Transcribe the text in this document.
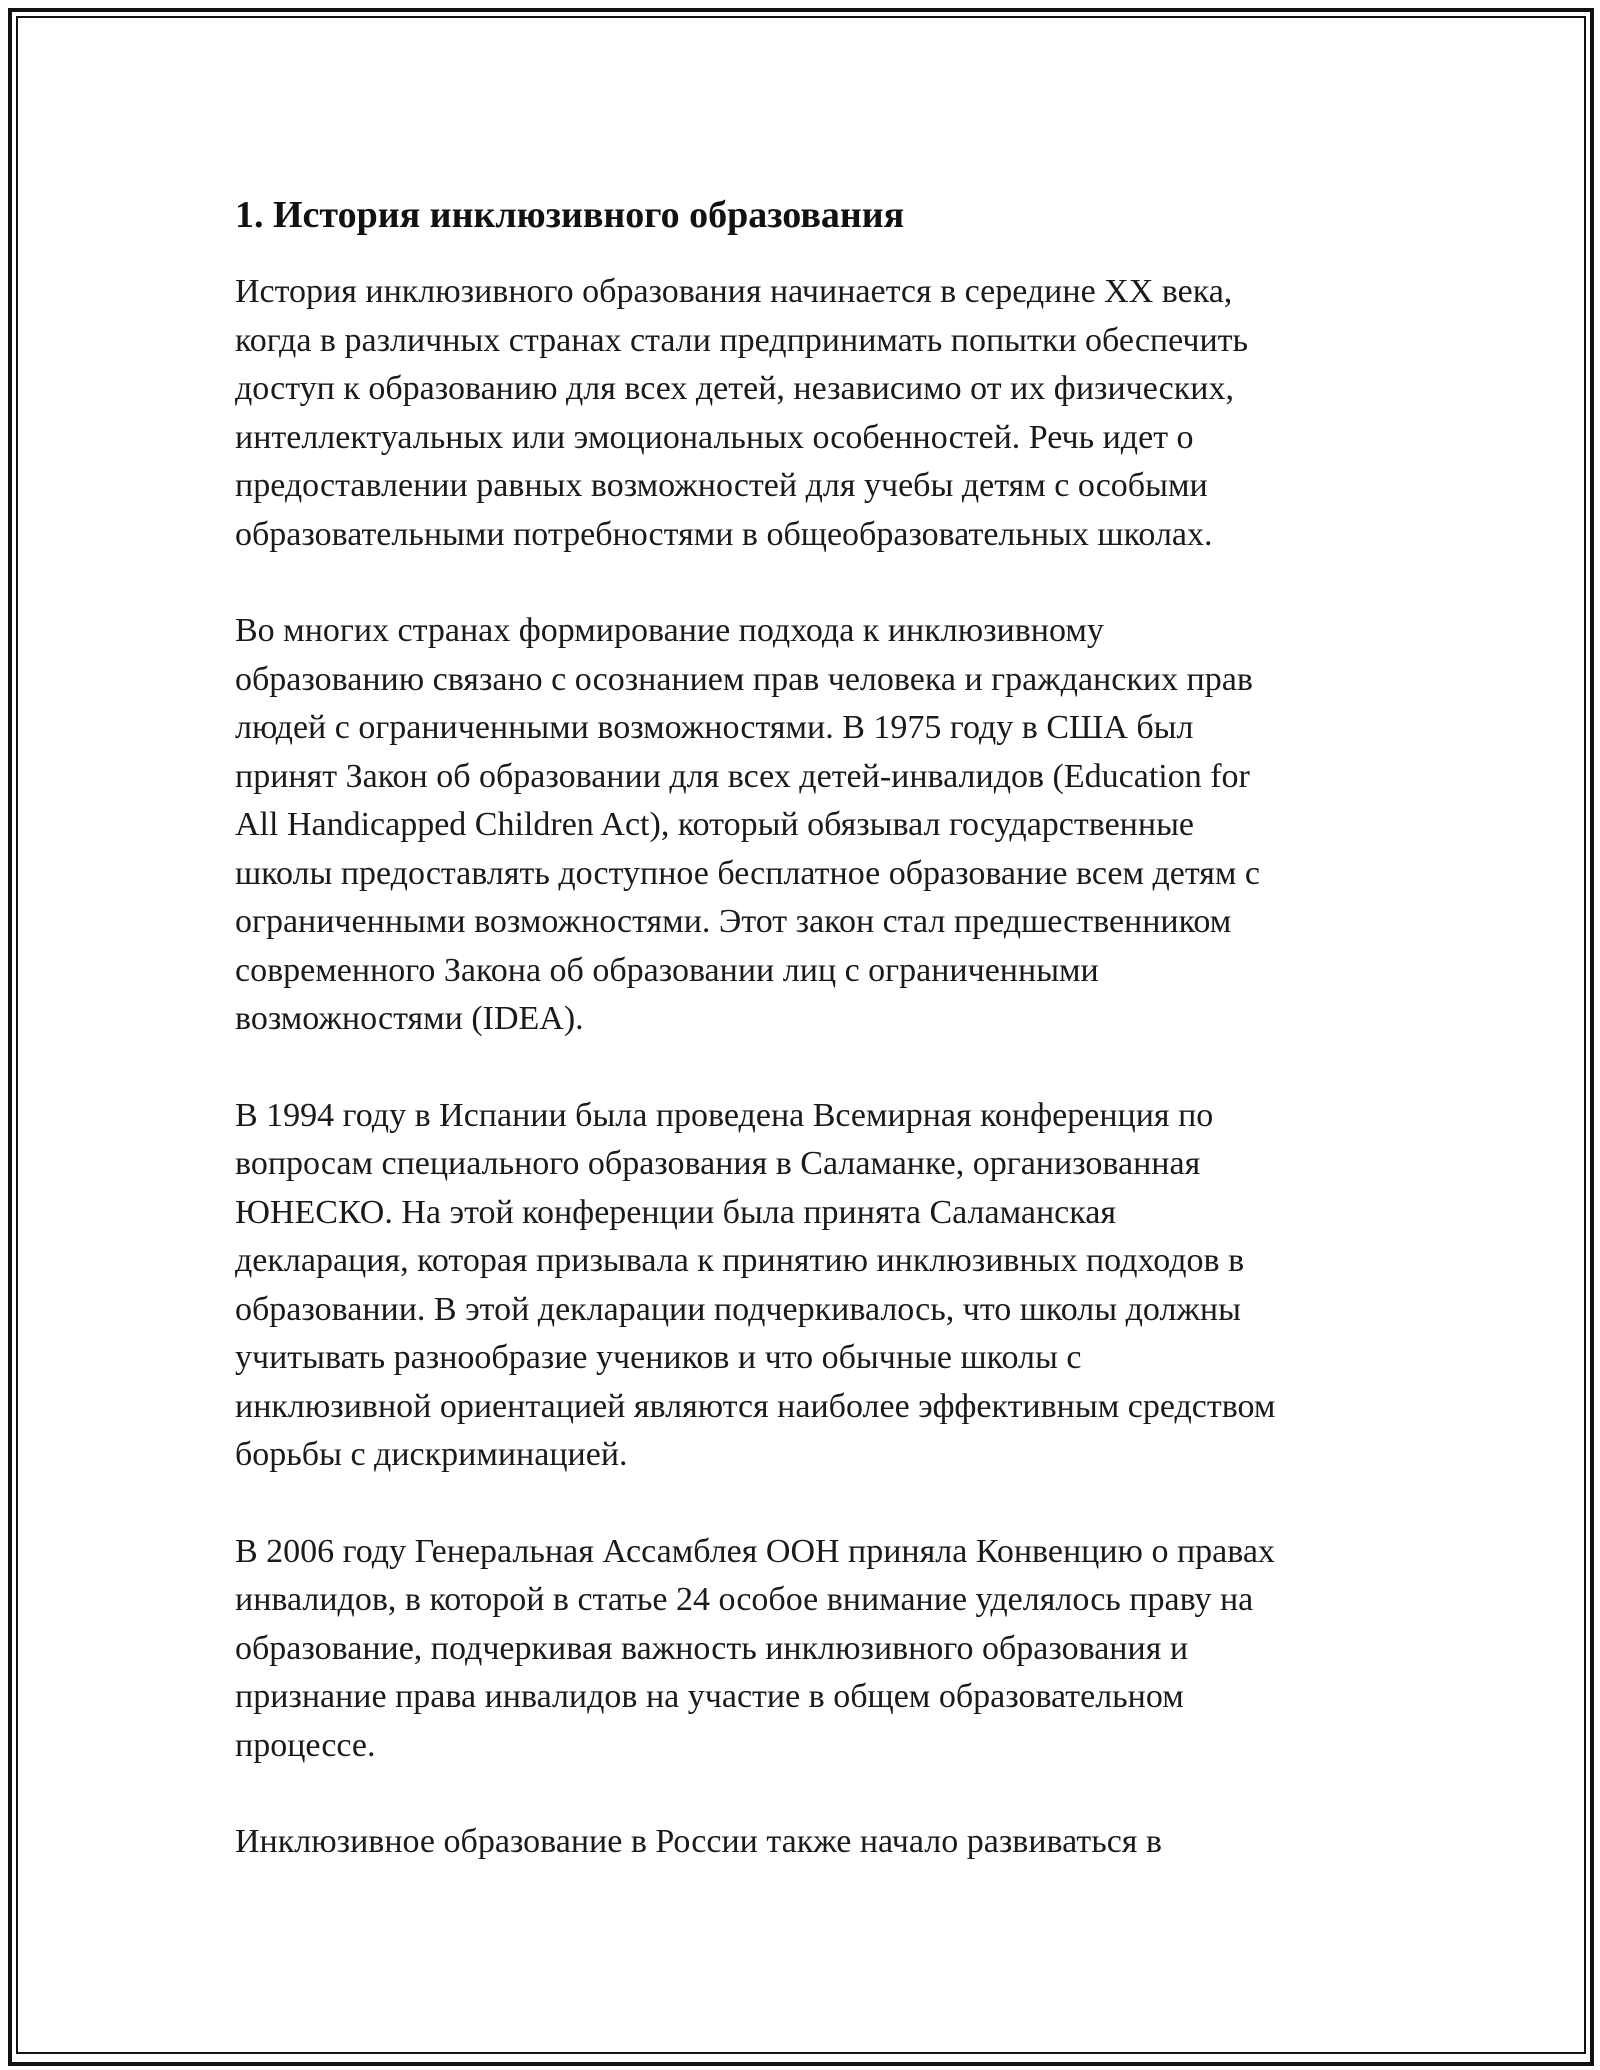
1. История инклюзивного образования

История инклюзивного образования начинается в середине XX века,
когда в различных странах стали предпринимать попытки обеспечить
доступ к образованию для всех детей, независимо от их физических,
интеллектуальных или эмоциональных особенностей. Речь идет о
предоставлении равных возможностей для учебы детям с особыми
образовательными потребностями в общеобразовательных школах.

Во многих странах формирование подхода к инклюзивному
образованию связано с осознанием прав человека и гражданских прав
людей с ограниченными возможностями. В 1975 году в США был
принят Закон об образовании для всех детей-инвалидов (Education for
All Handicapped Children Act), который обязывал государственные
школы предоставлять доступное бесплатное образование всем детям с
ограниченными возможностями. Этот закон стал предшественником
современного Закона об образовании лиц с ограниченными
возможностями (IDEA).

В 1994 году в Испании была проведена Всемирная конференция по
вопросам специального образования в Саламанке, организованная
ЮНЕСКО. На этой конференции была принята Саламанская
декларация, которая призывала к принятию инклюзивных подходов в
образовании. В этой декларации подчеркивалось, что школы должны
учитывать разнообразие учеников и что обычные школы с
инклюзивной ориентацией являются наиболее эффективным средством
борьбы с дискриминацией.

В 2006 году Генеральная Ассамблея ООН приняла Конвенцию о правах
инвалидов, в которой в статье 24 особое внимание уделялось праву на
образование, подчеркивая важность инклюзивного образования и
признание права инвалидов на участие в общем образовательном
процессе.

Инклюзивное образование в России также начало развиваться в
